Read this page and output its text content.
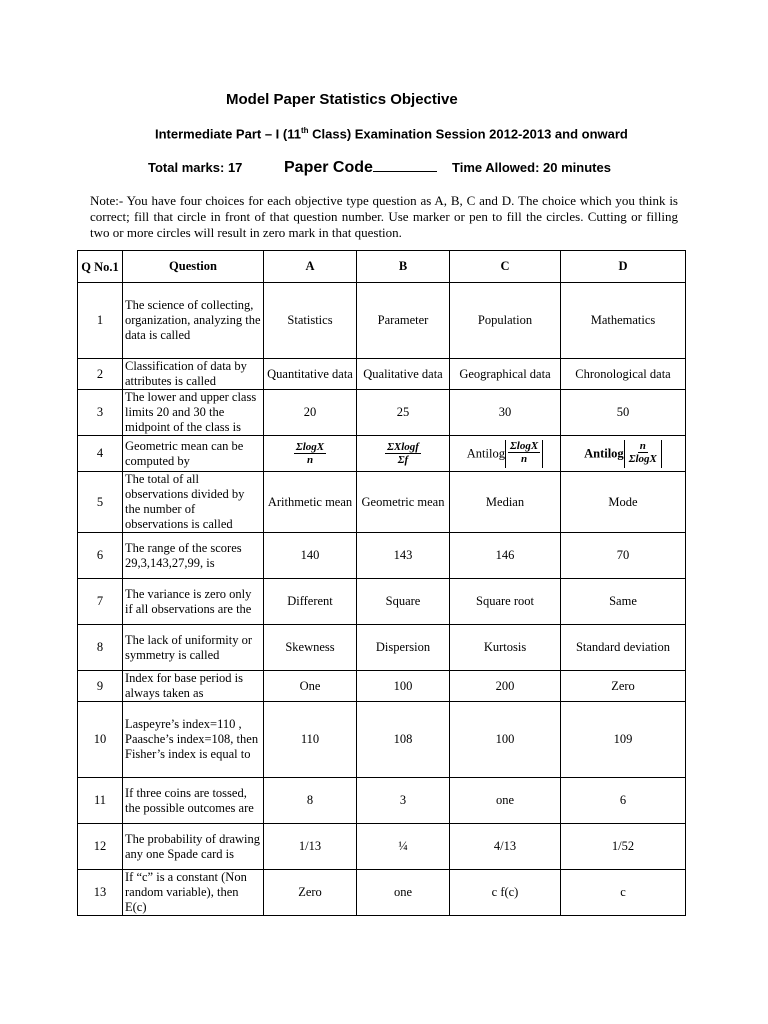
Model Paper Statistics Objective
Intermediate Part – I (11th Class) Examination Session 2012-2013 and onward
Total marks: 17	Paper Code	Time Allowed: 20 minutes
Note:- You have four choices for each objective type question as A, B, C and D. The choice which you think is correct; fill that circle in front of that question number. Use marker or pen to fill the circles. Cutting or filling two or more circles will result in zero mark in that question.
Q No.1	Question	A	B	C	D
1	The science of collecting, organization, analyzing the data is called	Statistics	Parameter	Population	Mathematics
2	Classification of data by attributes is called	Quantitative data	Qualitative data	Geographical data	Chronological data
3	The lower and upper class limits 20 and 30 the midpoint of the class is	20	25	30	50
4	Geometric mean can be computed by	$\frac{\Sigma\log X}{n}$	$\frac{\Sigma Xlogf}{\Sigma f}$	Antilog $\frac{\Sigma\log X}{n}$	Antilog $\frac{n}{\Sigma\log X}$

5	The total of all observations divided by the number of observations is called	Arithmetic mean	Geometric mean	Median	Mode
6	The range of the scores 29,3,143,27,99, is	140	143	146	70
7	The variance is zero only if all observations are the	Different	Square	Square root	Same
8	The lack of uniformity or symmetry is called	Skewness	Dispersion	Kurtosis	Standard deviation
9	Index for base period is always taken as	One	100	200	Zero
10	Laspeyre’s index=110 , Paasche’s index=108, then Fisher’s index is equal to	110	108	100	109
11	If three coins are tossed, the possible outcomes are	8	3	one	6
12	The probability of drawing any one Spade card is	1/13	¼	4/13	1/52
13	If “c” is a constant (Non random variable), then E(c)	Zero	one	c f(c)	c
